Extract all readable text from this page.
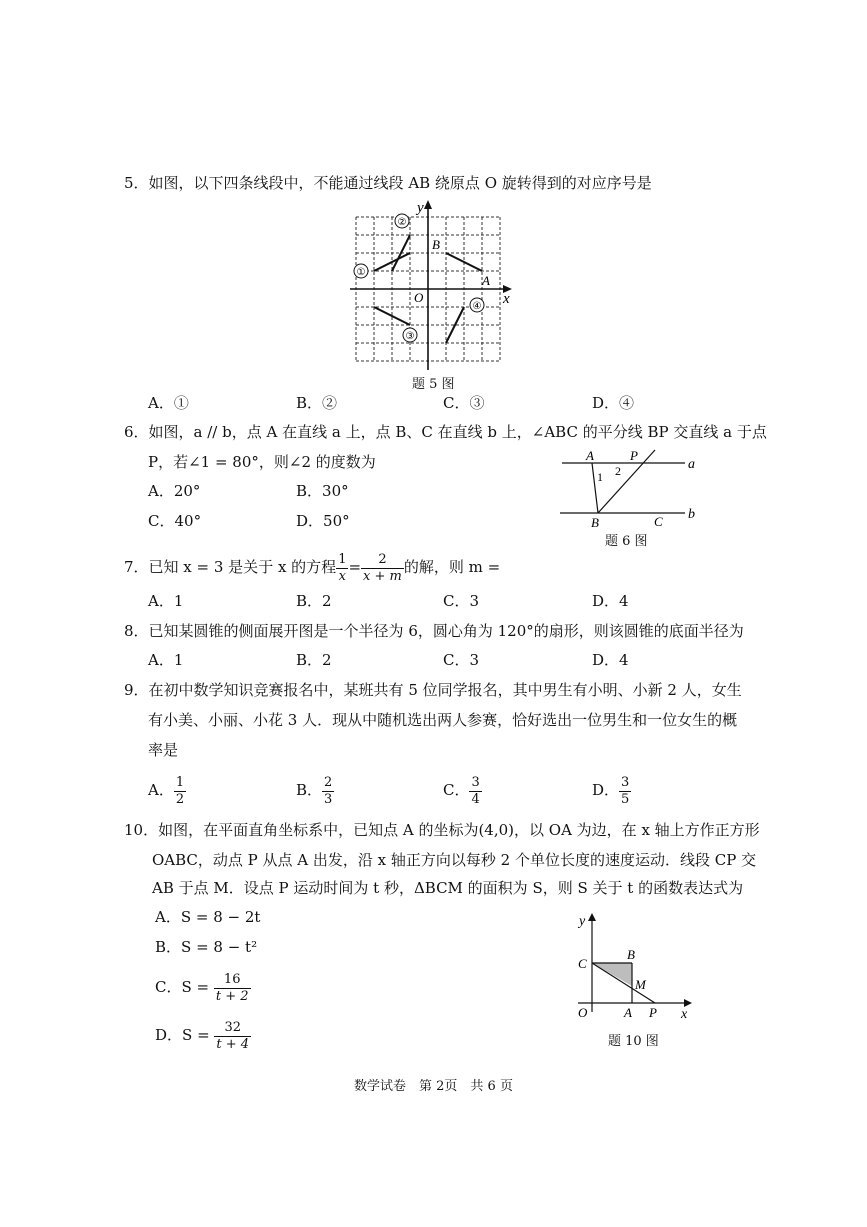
5．如图，以下四条线段中，不能通过线段 AB 绕原点 O 旋转得到的对应序号是
①
②
③
④
y
x
O
B
A
题 5 图
A．①	B．②	C．③	D．④
6．如图，a // b，点 A 在直线 a 上，点 B、C 在直线 b 上，∠ABC 的平分线 BP 交直线 a 于点
P，若∠1 = 80°，则∠2 的度数为
A．20°	B．30°
C．40°	D．50°
A	P
1 2	a
b
B	C
题 6 图
7．已知 x = 3 是关于 x 的方程 $\frac{1}{x} = \frac{2}{x + m}$ 的解，则 m =
A．1	B．2	C．3	D．4
8．已知某圆锥的侧面展开图是一个半径为 6，圆心角为 120°的扇形，则该圆锥的底面半径为
A．1	B．2	C．3	D．4
9．在初中数学知识竞赛报名中，某班共有 5 位同学报名，其中男生有小明、小新 2 人，女生
有小美、小丽、小花 3 人．现从中随机选出两人参赛，恰好选出一位男生和一位女生的概
率是
A． $\frac{1}{2}$	B． $\frac{2}{3}$	C． $\frac{3}{4}$	D． $\frac{3}{5}$
10．如图，在平面直角坐标系中，已知点 A 的坐标为(4,0)，以 OA 为边，在 x 轴上方作正方形
OABC，动点 P 从点 A 出发，沿 x 轴正方向以每秒 2 个单位长度的速度运动．线段 CP 交
AB 于点 M．设点 P 运动时间为 t 秒，ΔBCM 的面积为 S，则 S 关于 t 的函数表达式为
A．S = 8 − 2t
B．S = 8 − t²
C．$S = \frac{16}{t + 2}$
D．$S = \frac{32}{t + 4}$
y
x
C
B
M
O	A P
题 10 图
数学试卷　第 2页　共 6 页
